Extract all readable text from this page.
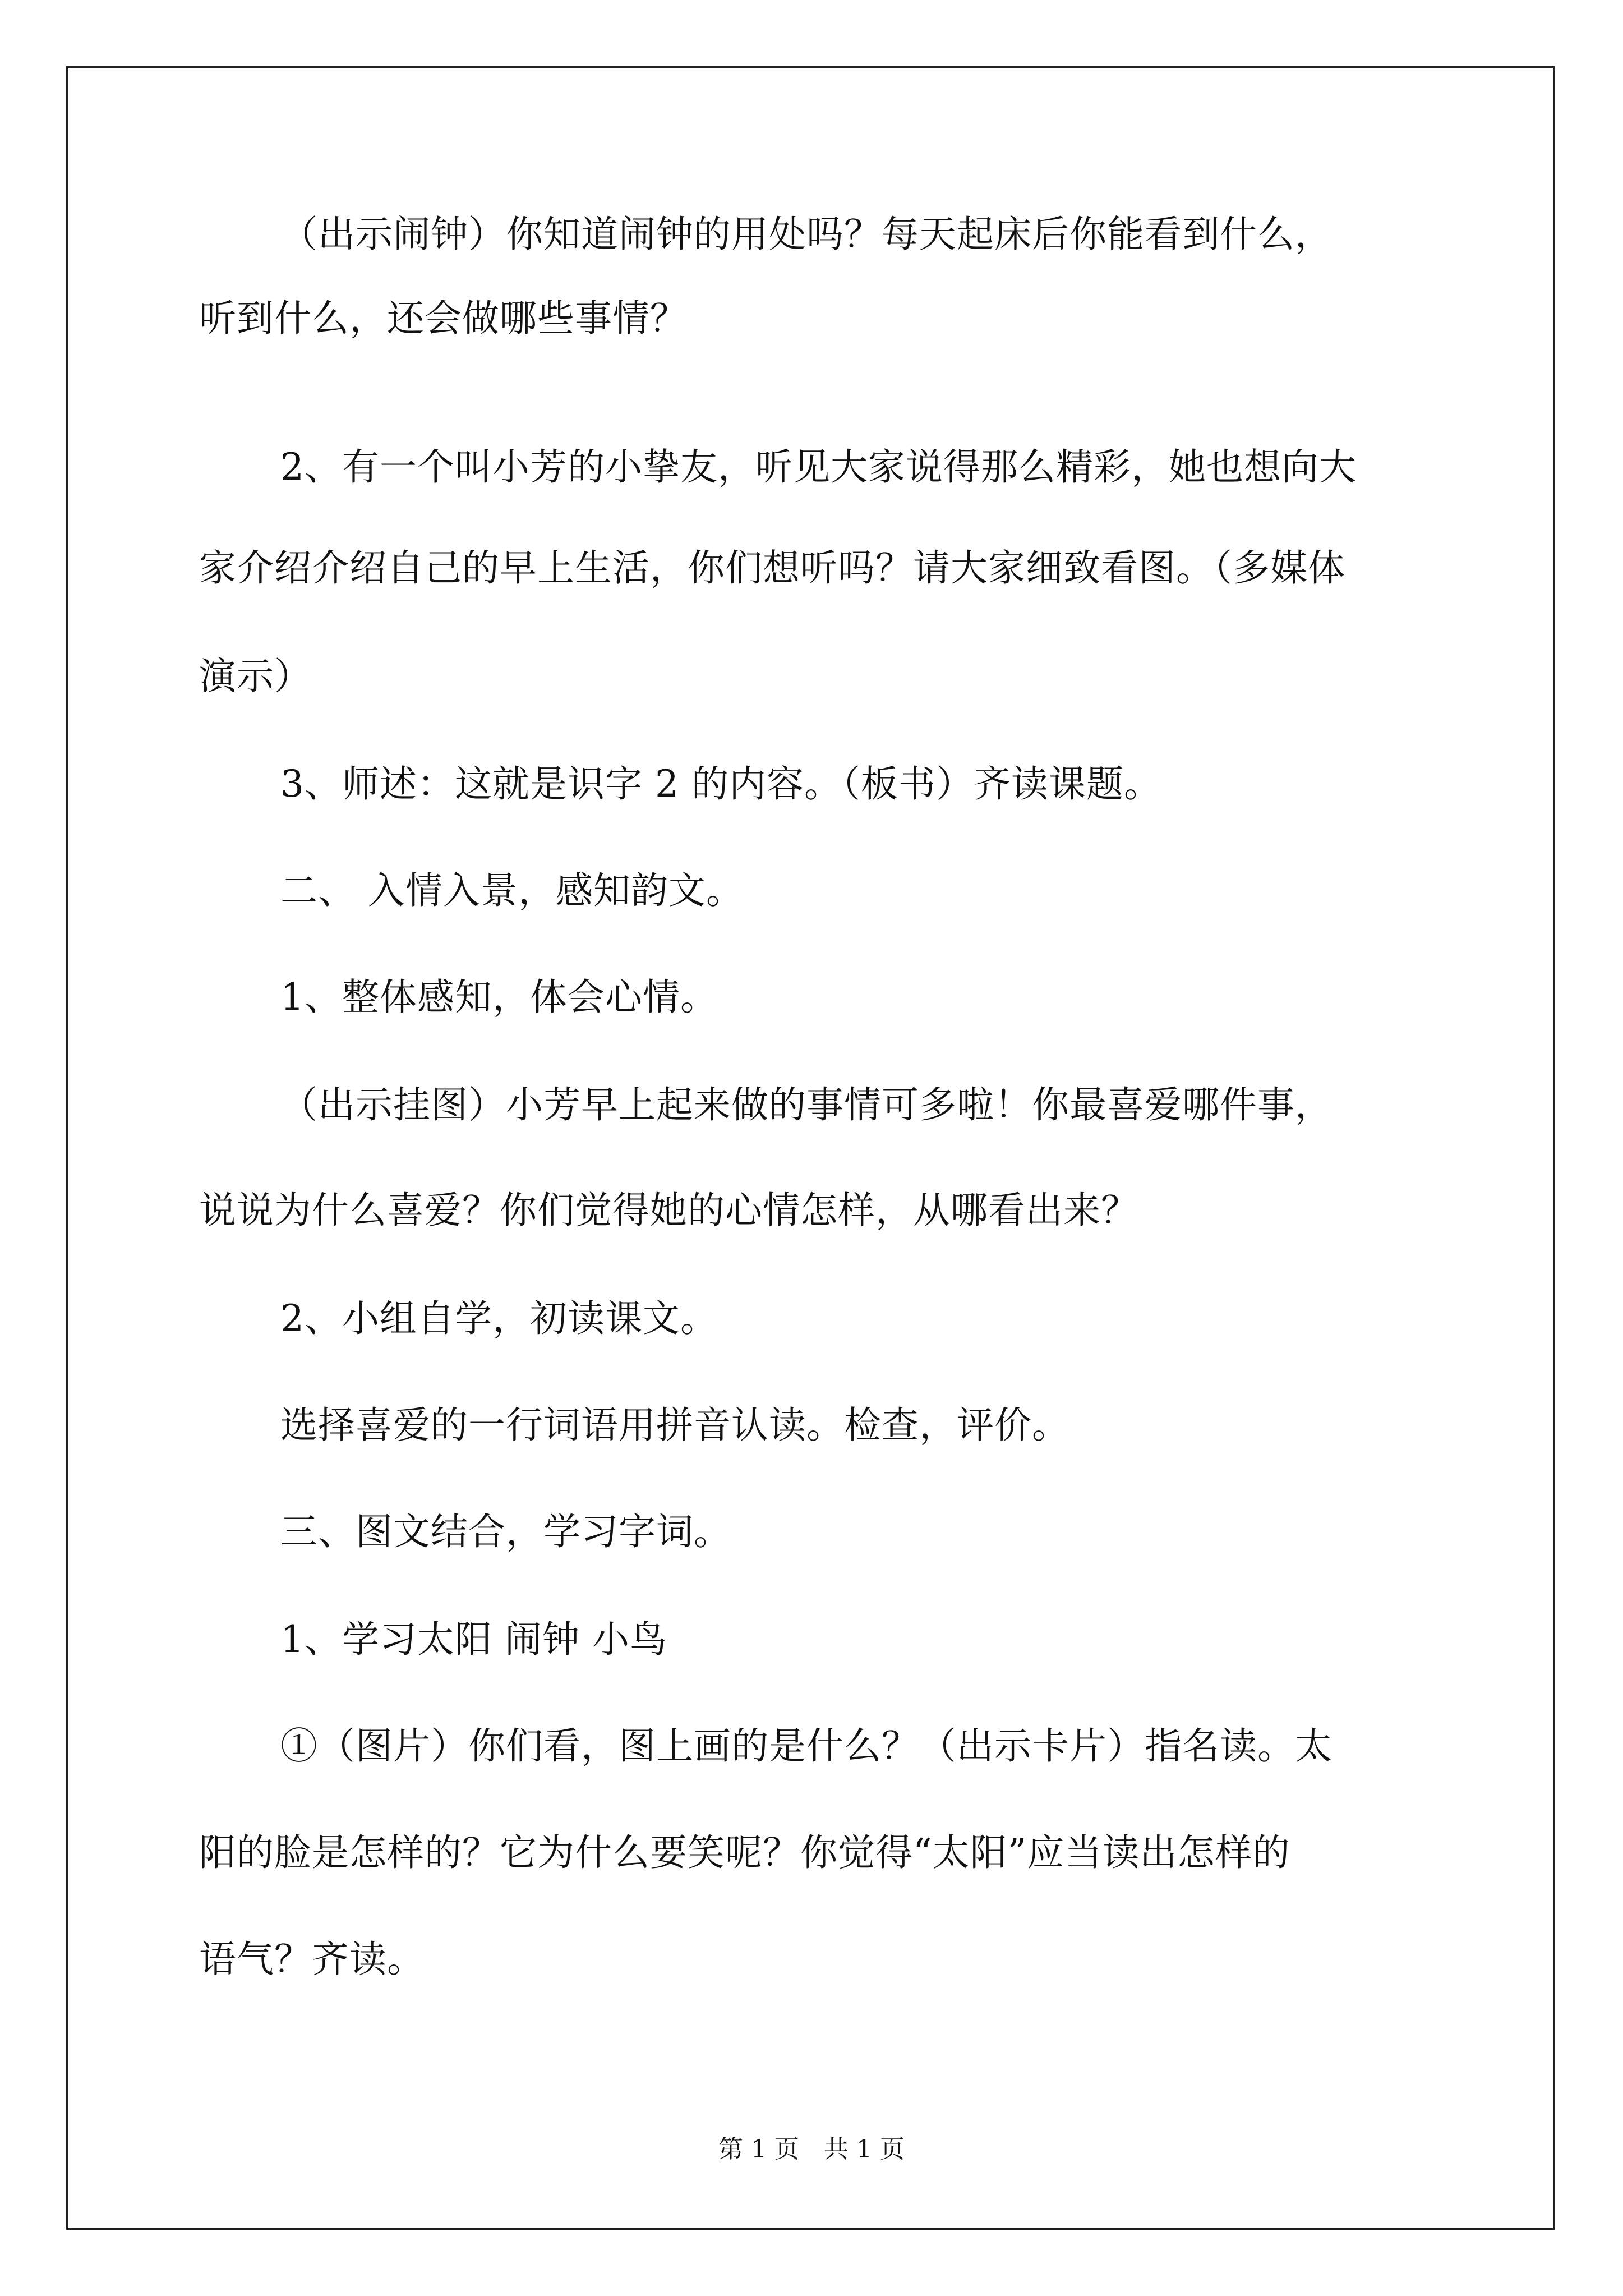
（出示闹钟）你知道闹钟的用处吗？每天起床后你能看到什么，
听到什么，还会做哪些事情？
2、有一个叫小芳的小挚友，听见大家说得那么精彩，她也想向大
家介绍介绍自己的早上生活，你们想听吗？请大家细致看图。（多媒体
演示）
3、师述：这就是识字 2 的内容。（板书）齐读课题。
二、 入情入景，感知韵文。
1、整体感知，体会心情。
（出示挂图）小芳早上起来做的事情可多啦！你最喜爱哪件事，
说说为什么喜爱？你们觉得她的心情怎样，从哪看出来？
2、小组自学，初读课文。
选择喜爱的一行词语用拼音认读。检查，评价。
三、图文结合，学习字词。
1、学习太阳 闹钟 小鸟
①（图片）你们看，图上画的是什么？（出示卡片）指名读。太
阳的脸是怎样的？它为什么要笑呢？你觉得“太阳”应当读出怎样的
语气？齐读。
第 1 页　共 1 页
